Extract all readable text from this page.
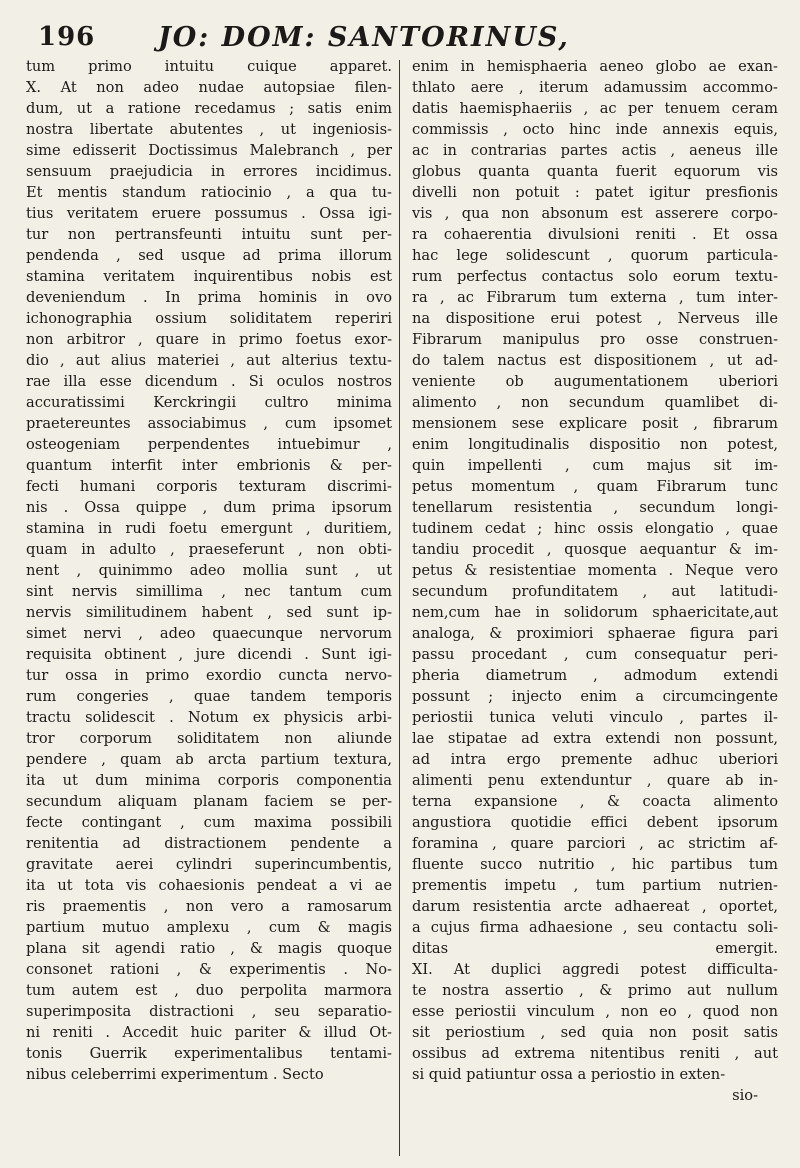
196 JO: DOM: SANTORINUS,
tum primo intuitu cuique apparet.
X. At non adeo nudae autopsiae filen-
dum, ut a ratione recedamus ; satis enim
nostra libertate abutentes , ut ingeniosis-
sime edisserit Doctissimus Malebranch , per
sensuum praejudicia in errores incidimus.
Et mentis standum ratiocinio , a qua tu-
tius veritatem eruere possumus . Ossa igi-
tur non pertransfeunti intuitu sunt per-
pendenda , sed usque ad prima illorum
stamina veritatem inquirentibus nobis est
deveniendum . In prima hominis in ovo
ichonographia ossium soliditatem reperiri
non arbitror , quare in primo foetus exor-
dio , aut alius materiei , aut alterius textu-
rae illa esse dicendum . Si oculos nostros
accuratissimi Kerckringii cultro minima
praetereuntes associabimus , cum ipsomet
osteogeniam perpendentes intuebimur ,
quantum interfit inter embrionis & per-
fecti humani corporis texturam discrimi-
nis . Ossa quippe , dum prima ipsorum
stamina in rudi foetu emergunt , duritiem,
quam in adulto , praeseferunt , non obti-
nent , quinimmo adeo mollia sunt , ut
sint nervis simillima , nec tantum cum
nervis similitudinem habent , sed sunt ip-
simet nervi , adeo quaecunque nervorum
requisita obtinent , jure dicendi . Sunt igi-
tur ossa in primo exordio cuncta nervo-
rum congeries , quae tandem temporis
tractu solidescit . Notum ex physicis arbi-
tror corporum soliditatem non aliunde
pendere , quam ab arcta partium textura,
ita ut dum minima corporis componentia
secundum aliquam planam faciem se per-
fecte contingant , cum maxima possibili
renitentia ad distractionem pendente a
gravitate aerei cylindri superincumbentis,
ita ut tota vis cohaesionis pendeat a vi ae
ris praementis , non vero a ramosarum
partium mutuo amplexu , cum & magis
plana sit agendi ratio , & magis quoque
consonet rationi , & experimentis . No-
tum autem est , duo perpolita marmora
superimposita distractioni , seu separatio-
ni reniti . Accedit huic pariter & illud Ot-
tonis Guerrik experimentalibus tentami-
nibus celeberrimi experimentum . Secto
enim in hemisphaeria aeneo globo ae exan-
thlato aere , iterum adamussim accommo-
datis haemisphaeriis , ac per tenuem ceram
commissis , octo hinc inde annexis equis,
ac in contrarias partes actis , aeneus ille
globus quanta quanta fuerit equorum vis
divelli non potuit : patet igitur presfionis
vis , qua non absonum est asserere corpo-
ra cohaerentia divulsioni reniti . Et ossa
hac lege solidescunt , quorum particula-
rum perfectus contactus solo eorum textu-
ra , ac Fibrarum tum externa , tum inter-
na dispositione erui potest , Nerveus ille
Fibrarum manipulus pro osse construen-
do talem nactus est dispositionem , ut ad-
veniente ob augumentationem uberiori
alimento , non secundum quamlibet di-
mensionem sese explicare posit , fibrarum
enim longitudinalis dispositio non potest,
quin impellenti , cum majus sit im-
petus momentum , quam Fibrarum tunc
tenellarum resistentia , secundum longi-
tudinem cedat ; hinc ossis elongatio , quae
tandiu procedit , quosque aequantur & im-
petus & resistentiae momenta . Neque vero
secundum profunditatem , aut latitudi-
nem,cum hae in solidorum sphaericitate,aut
analoga, & proximiori sphaerae figura pari
passu procedant , cum consequatur peri-
pheria diametrum , admodum extendi
possunt ; injecto enim a circumcingente
periostii tunica veluti vinculo , partes il-
lae stipatae ad extra extendi non possunt,
ad intra ergo premente adhuc uberiori
alimenti penu extenduntur , quare ab in-
terna expansione , & coacta alimento
angustiora quotidie effici debent ipsorum
foramina , quare parciori , ac strictim af-
fluente succo nutritio , hic partibus tum
prementis impetu , tum partium nutrien-
darum resistentia arcte adhaereat , oportet,
a cujus firma adhaesione , seu contactu soli-
ditas emergit.
XI. At duplici aggredi potest difficulta-
te nostra assertio , & primo aut nullum
esse periostii vinculum , non eo , quod non
sit periostium , sed quia non posit satis
ossibus ad extrema nitentibus reniti , aut
si quid patiuntur ossa a periostio in exten-
sio-
